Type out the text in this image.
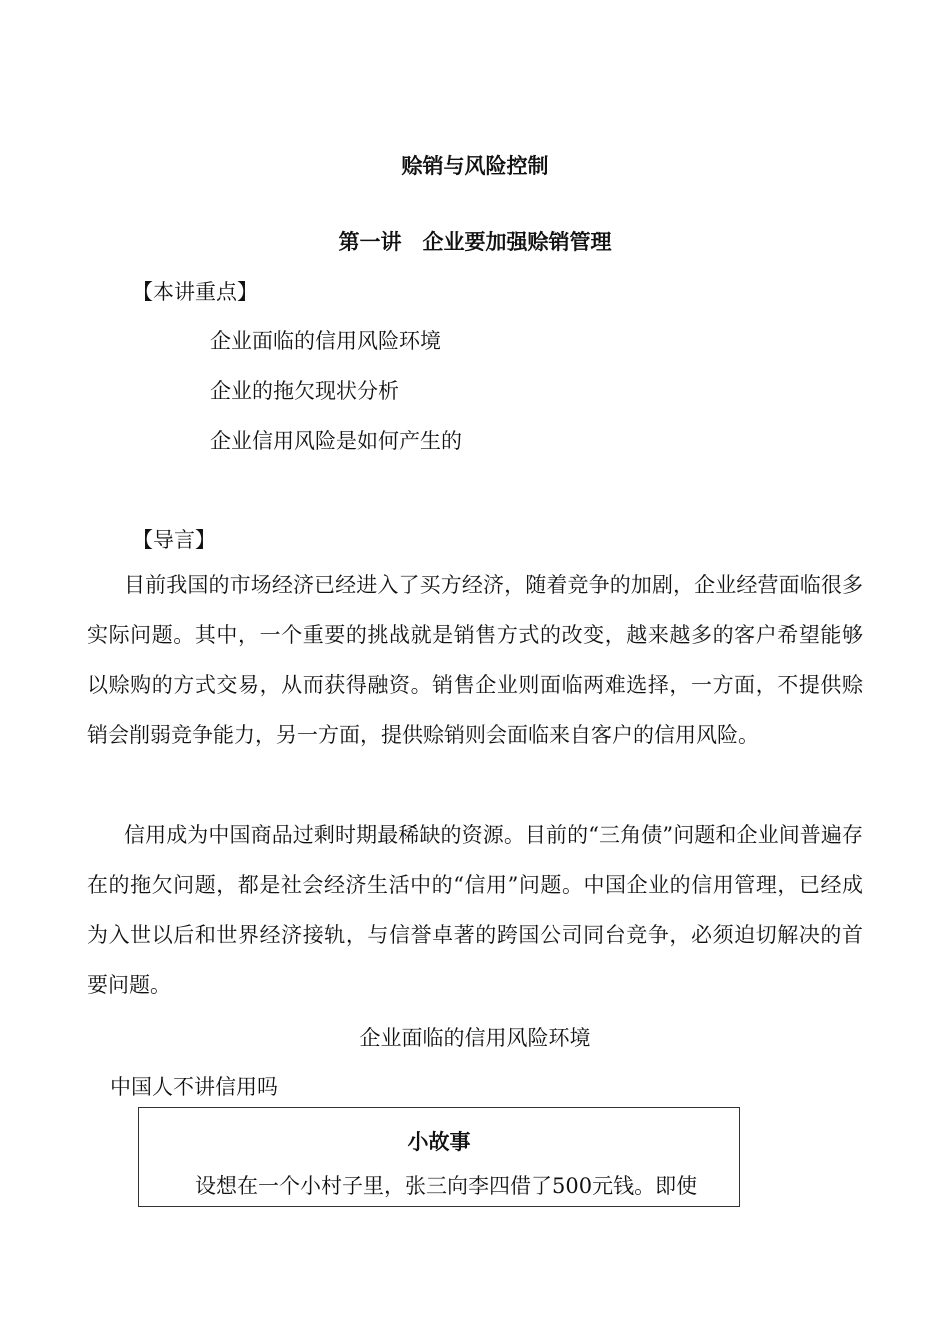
赊销与风险控制
第一讲　企业要加强赊销管理
【本讲重点】
企业面临的信用风险环境
企业的拖欠现状分析
企业信用风险是如何产生的
【导言】

目前我国的市场经济已经进入了买方经济，随着竞争的加剧，企业经营面临很多实际问题。其中，一个重要的挑战就是销售方式的改变，越来越多的客户希望能够以赊购的方式交易，从而获得融资。销售企业则面临两难选择，一方面，不提供赊销会削弱竞争能力，另一方面，提供赊销则会面临来自客户的信用风险。

信用成为中国商品过剩时期最稀缺的资源。目前的“三角债”问题和企业间普遍存在的拖欠问题，都是社会经济生活中的“信用”问题。中国企业的信用管理，已经成为入世以后和世界经济接轨，与信誉卓著的跨国公司同台竞争，必须迫切解决的首要问题。

企业面临的信用风险环境
中国人不讲信用吗
小故事
设想在一个小村子里，张三向李四借了500元钱。即使
